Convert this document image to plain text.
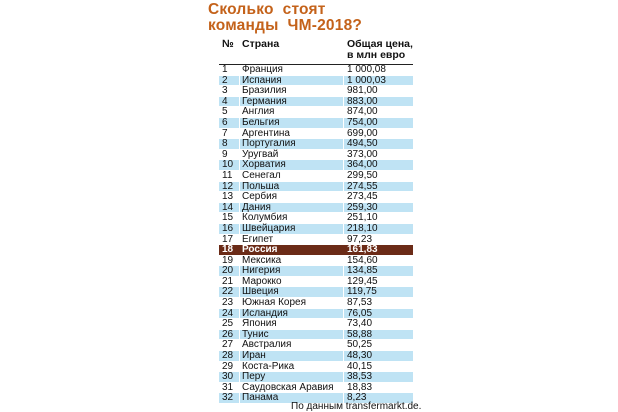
Сколько  стоят
команды  ЧМ-2018?
№ Страна	Общая цена,
в млн евро
1 Франция	1 000,08
2 Испания	1 000,03
3 Бразилия	981,00
4 Германия	883,00
5 Англия	874,00
6 Бельгия	754,00
7 Аргентина	699,00
8 Португалия	494,50
9 Уругвай	373,00
10 Хорватия	364,00
11 Сенегал	299,50
12 Польша	274,55
13 Сербия	273,45
14 Дания	259,30
15 Колумбия	251,10
16 Швейцария	218,10
17 Египет	97,23
18 Россия	161,83
19 Мексика	154,60
20 Нигерия	134,85
21 Марокко	129,45
22 Швеция	119,75
23 Южная Корея	87,53
24 Исландия	76,05
25 Япония	73,40
26 Тунис	58,88
27 Австралия	50,25
28 Иран	48,30
29 Коста-Рика	40,15
30 Перу	38,53
31 Саудовская Аравия 18,83
32 Панама	8,23
По данным transfermarkt.de.
